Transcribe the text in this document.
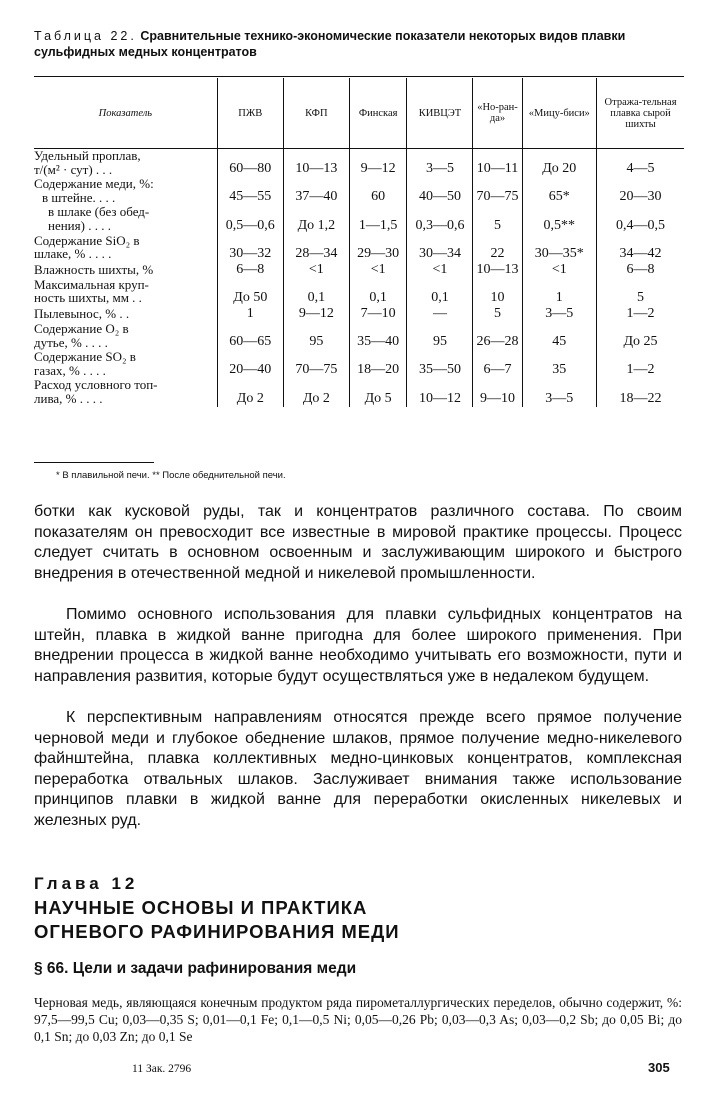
Таблица 22. Сравнительные технико-экономические показатели некоторых видов плавки сульфидных медных концентратов
Показатель	ПЖВ	КФП	Финская	КИВЦЭТ	«Но-ран-да»	«Мицу-биси»	Отража-тельная плавка сырой шихты

Удельный проплав,
т/(м² · сут) . . .	60—80	10—13	9—12	3—5	10—11	До 20	4—5

Содержание меди, %:
в штейне. . . .	45—55	37—40	60	40—50	70—75	65*	20—30

в шлаке (без обед-
нения) . . . .	0,5—0,6	До 1,2	1—1,5	0,3—0,6	5	0,5**	0,4—0,5

Содержание SiO₂ в
шлаке, % . . . .	30—32	28—34	29—30	30—34	22	30—35*	34—42

Влажность шихты, %	6—8	<1	<1	<1	10—13	<1	6—8

Максимальная круп-
ность шихты, мм . .	До 50	0,1	0,1	0,1	10	1	5

Пылевынос, % . .	1	9—12	7—10	—	5	3—5	1—2

Содержание O₂ в
дутье, % . . . .	60—65	95	35—40	95	26—28	45	До 25

Содержание SO₂ в
газах, % . . . .	20—40	70—75	18—20	35—50	6—7	35	1—2

Расход условного топ-
лива, % . . . .	До 2	До 2	До 5	10—12	9—10	3—5	18—22
* В плавильной печи. ** После обеднительной печи.

ботки как кусковой руды, так и концентратов различного состава. По своим показателям он превосходит все известные в мировой практике процессы. Процесс следует считать в основном освоенным и заслуживающим широкого и быстрого внедрения в отечественной медной и никелевой промышленности.

Помимо основного использования для плавки сульфидных концентратов на штейн, плавка в жидкой ванне пригодна для более широкого применения. При внедрении процесса в жидкой ванне необходимо учитывать его возможности, пути и направления развития, которые будут осуществляться уже в недалеком будущем.

К перспективным направлениям относятся прежде всего прямое получение черновой меди и глубокое обеднение шлаков, прямое получение медно-никелевого файнштейна, плавка коллективных медно-цинковых концентратов, комплексная переработка отвальных шлаков. Заслуживает внимания также использование принципов плавки в жидкой ванне для переработки окисленных никелевых и железных руд.

Глава 12
НАУЧНЫЕ ОСНОВЫ И ПРАКТИКА
ОГНЕВОГО РАФИНИРОВАНИЯ МЕДИ
§ 66. Цели и задачи рафинирования меди

Черновая медь, являющаяся конечным продуктом ряда пирометаллургических переделов, обычно содержит, %: 97,5—99,5 Cu; 0,03—0,35 S; 0,01—0,1 Fe; 0,1—0,5 Ni; 0,05—0,26 Pb; 0,03—0,3 As; 0,03—0,2 Sb; до 0,05 Bi; до 0,1 Sn; до 0,03 Zn; до 0,1 Se

11 Зак. 2796	305
